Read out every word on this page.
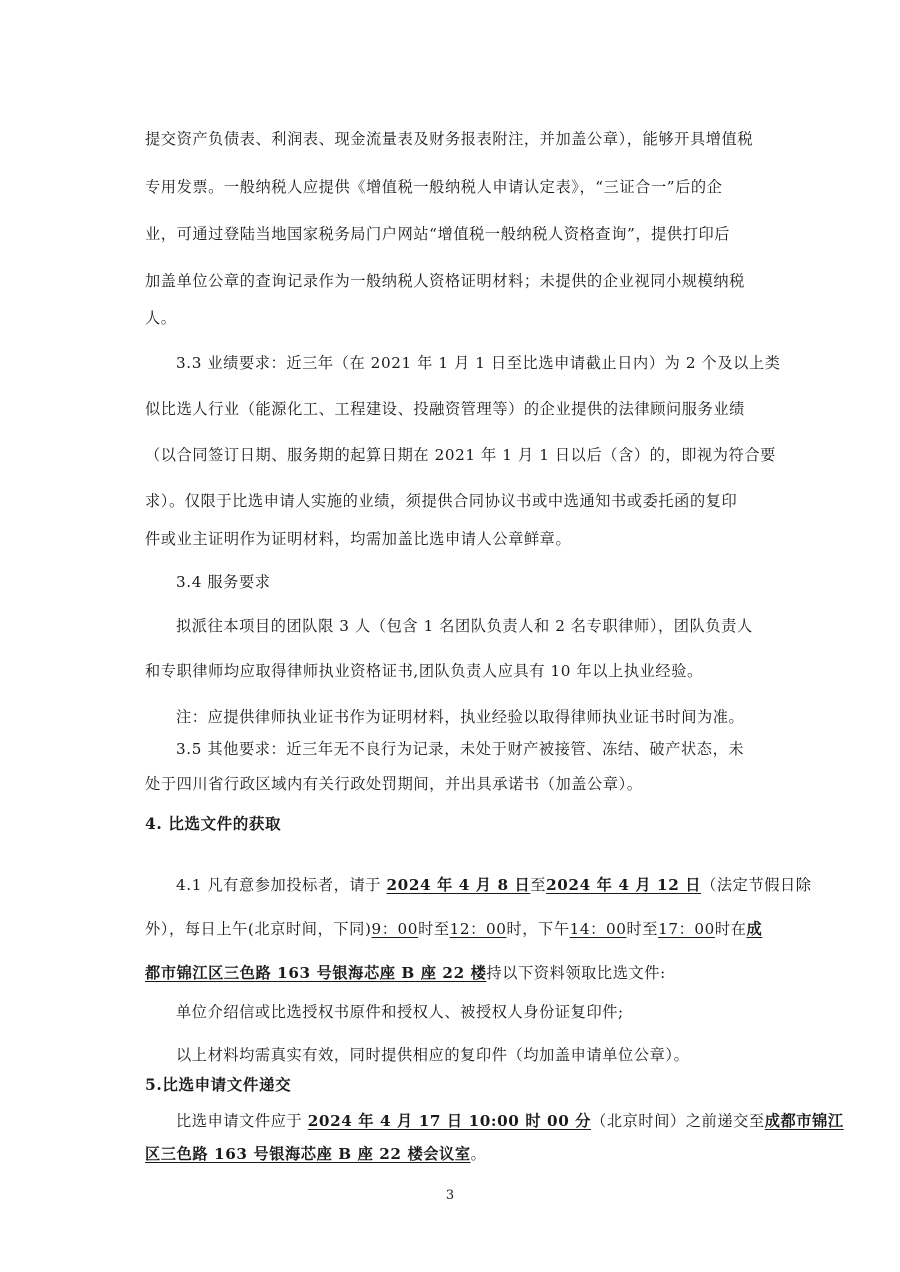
提交资产负债表、利润表、现金流量表及财务报表附注，并加盖公章），能够开具增值税
专用发票。一般纳税人应提供《增值税一般纳税人申请认定表》，“三证合一”后的企
业，可通过登陆当地国家税务局门户网站“增值税一般纳税人资格查询”，提供打印后
加盖单位公章的查询记录作为一般纳税人资格证明材料；未提供的企业视同小规模纳税
人。
3.3 业绩要求：近三年（在 2021 年 1 月 1 日至比选申请截止日内）为 2 个及以上类
似比选人行业（能源化工、工程建设、投融资管理等）的企业提供的法律顾问服务业绩
（以合同签订日期、服务期的起算日期在 2021 年 1 月 1 日以后（含）的，即视为符合要
求）。仅限于比选申请人实施的业绩，须提供合同协议书或中选通知书或委托函的复印
件或业主证明作为证明材料，均需加盖比选申请人公章鲜章。
3.4 服务要求
拟派往本项目的团队限 3 人（包含 1 名团队负责人和 2 名专职律师），团队负责人
和专职律师均应取得律师执业资格证书,团队负责人应具有 10 年以上执业经验。
注：应提供律师执业证书作为证明材料，执业经验以取得律师执业证书时间为准。
3.5 其他要求：近三年无不良行为记录，未处于财产被接管、冻结、破产状态，未
处于四川省行政区域内有关行政处罚期间，并出具承诺书（加盖公章）。
4. 比选文件的获取
4.1 凡有意参加投标者，请于 2024 年 4 月 8 日至2024 年 4 月 12 日（法定节假日除
外），每日上午(北京时间，下同)9：00时至12：00时，下午14：00时至17：00时在成
都市锦江区三色路 163 号银海芯座 B 座 22 楼持以下资料领取比选文件:
单位介绍信或比选授权书原件和授权人、被授权人身份证复印件;
以上材料均需真实有效，同时提供相应的复印件（均加盖申请单位公章）。
5.比选申请文件递交
比选申请文件应于 2024 年 4 月 17 日 10:00 时 00 分（北京时间）之前递交至成都市锦江
区三色路 163 号银海芯座 B 座 22 楼会议室。
3
